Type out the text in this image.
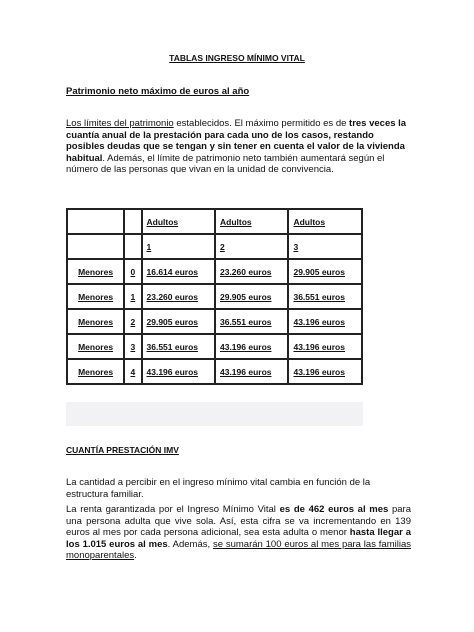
TABLAS INGRESO MÍNIMO VITAL
Patrimonio neto máximo de euros al año
Los límites del patrimonio establecidos. El máximo permitido es de tres veces la cuantía anual de la prestación para cada uno de los casos, restando posibles deudas que se tengan y sin tener en cuenta el valor de la vivienda habitual. Además, el límite de patrimonio neto también aumentará según el número de las personas que vivan en la unidad de convivencia.
		Adultos	Adultos	Adultos
		1	2	3
Menores	0	16.614 euros	23.260 euros	29.905 euros
Menores	1	23.260 euros	29.905 euros	36.551 euros
Menores	2	29.905 euros	36.551 euros	43.196 euros
Menores	3	36.551 euros	43.196 euros	43.196 euros
Menores	4	43.196 euros	43.196 euros	43.196 euros
CUANTÍA PRESTACIÓN IMV
La cantidad a percibir en el ingreso mínimo vital cambia en función de la estructura familiar.
La renta garantizada por el Ingreso Mínimo Vital es de 462 euros al mes para una persona adulta que vive sola. Así, esta cifra se va incrementando en 139 euros al mes por cada persona adicional, sea esta adulta o menor hasta llegar a los 1.015 euros al mes. Además, se sumarán 100 euros al mes para las familias monoparentales.
